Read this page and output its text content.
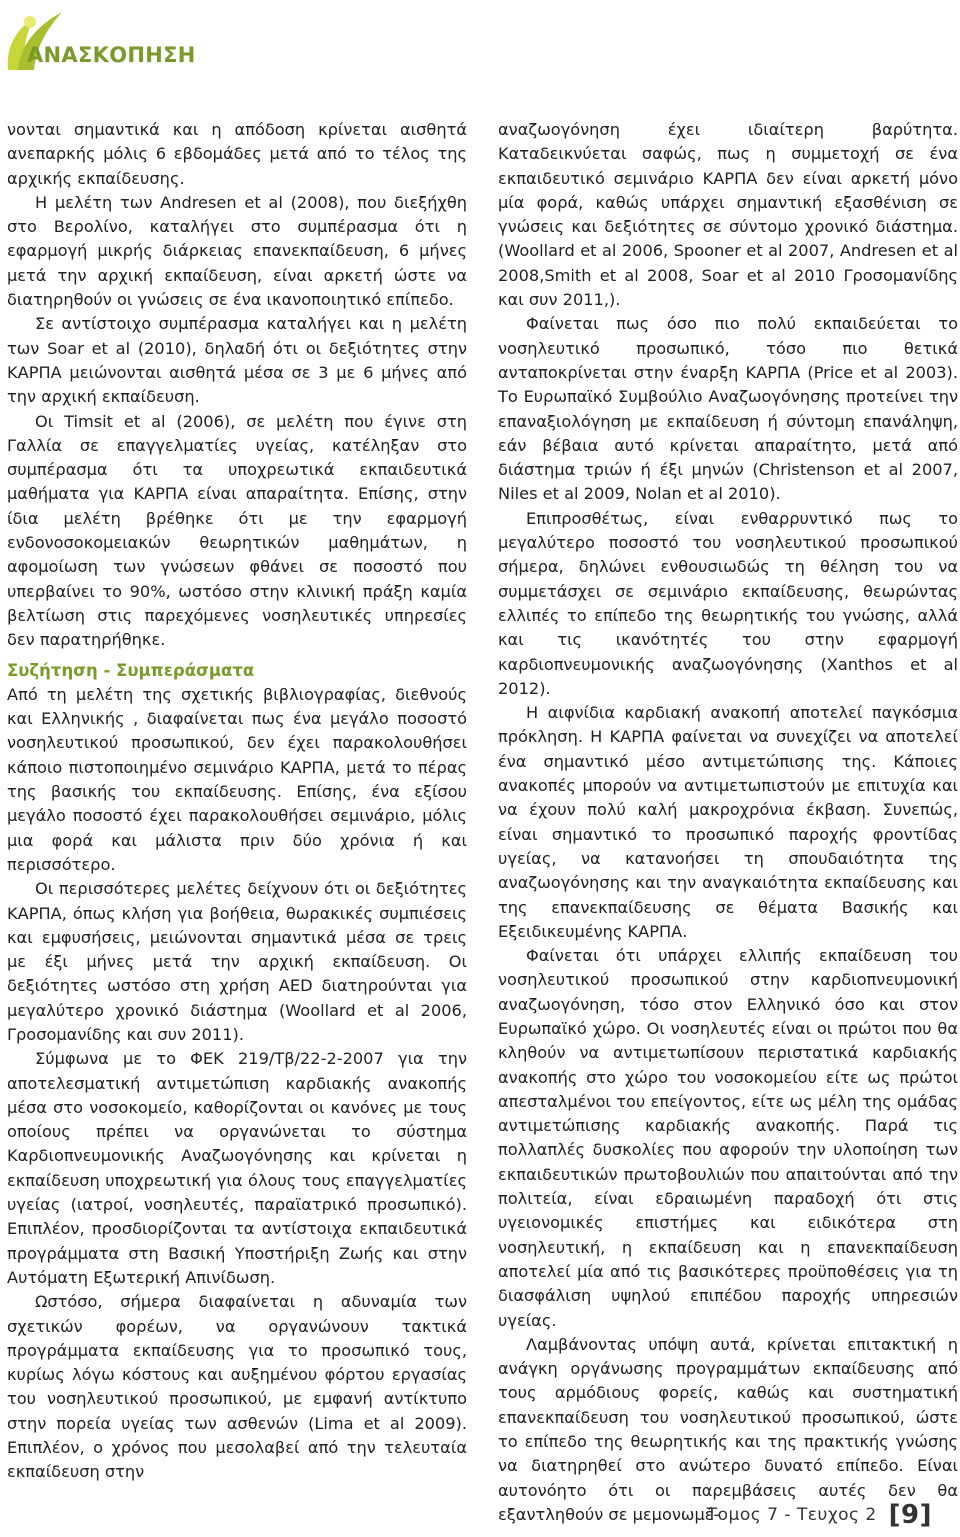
ΑΝΑΣΚΟΠΗΣΗ

νονται σημαντικά και η απόδοση κρίνεται αισθητά ανεπαρκής μόλις 6 εβδομάδες μετά από το τέλος της αρχικής εκπαίδευσης.

Η μελέτη των Andresen et al (2008), που διεξήχθη στο Βερολίνο, καταλήγει στο συμπέρασμα ότι η εφαρμογή μικρής διάρκειας επανεκπαίδευση, 6 μήνες μετά την αρχική εκπαίδευση, είναι αρκετή ώστε να διατηρηθούν οι γνώσεις σε ένα ικανοποιητικό επίπεδο.

Σε αντίστοιχο συμπέρασμα καταλήγει και η μελέτη των Soar et al (2010), δηλαδή ότι οι δεξιότητες στην ΚΑΡΠΑ μειώνονται αισθητά μέσα σε 3 με 6 μήνες από την αρχική εκπαίδευση.

Οι Timsit et al (2006), σε μελέτη που έγινε στη Γαλλία σε επαγγελματίες υγείας, κατέληξαν στο συμπέρασμα ότι τα υποχρεωτικά εκπαιδευτικά μαθήματα για ΚΑΡΠΑ είναι απαραίτητα. Επίσης, στην ίδια μελέτη βρέθηκε ότι με την εφαρμογή ενδονοσοκομειακών θεωρητικών μαθημάτων, η αφομοίωση των γνώσεων φθάνει σε ποσοστό που υπερβαίνει το 90%, ωστόσο στην κλινική πράξη καμία βελτίωση στις παρεχόμενες νοσηλευτικές υπηρεσίες δεν παρατηρήθηκε.

Συζήτηση - Συμπεράσματα

Από τη μελέτη της σχετικής βιβλιογραφίας, διεθνούς και Ελληνικής , διαφαίνεται πως ένα μεγάλο ποσοστό νοσηλευτικού προσωπικού, δεν έχει παρακολουθήσει κάποιο πιστοποιημένο σεμινάριο ΚΑΡΠΑ, μετά το πέρας της βασικής του εκπαίδευσης. Επίσης, ένα εξίσου μεγάλο ποσοστό έχει παρακολουθήσει σεμινάριο, μόλις μια φορά και μάλιστα πριν δύο χρόνια ή και περισσότερο.

Οι περισσότερες μελέτες δείχνουν ότι οι δεξιότητες ΚΑΡΠΑ, όπως κλήση για βοήθεια, θωρακικές συμπιέσεις και εμφυσήσεις, μειώνονται σημαντικά μέσα σε τρεις με έξι μήνες μετά την αρχική εκπαίδευση. Οι δεξιότητες ωστόσο στη χρήση AED διατηρούνται για μεγαλύτερο χρονικό διάστημα (Woollard et al 2006, Γροσομανίδης και συν 2011).

Σύμφωνα με το ΦΕΚ 219/Τβ/22-2-2007 για την αποτελεσματική αντιμετώπιση καρδιακής ανακοπής μέσα στο νοσοκομείο, καθορίζονται οι κανόνες με τους οποίους πρέπει να οργανώνεται το σύστημα Καρδιοπνευμονικής Αναζωογόνησης και κρίνεται η εκπαίδευση υποχρεωτική για όλους τους επαγγελματίες υγείας (ιατροί, νοσηλευτές, παραϊατρικό προσωπικό). Επιπλέον, προσδιορίζονται τα αντίστοιχα εκπαιδευτικά προγράμματα στη Βασική Υποστήριξη Ζωής και στην Αυτόματη Εξωτερική Απινίδωση.

Ωστόσο, σήμερα διαφαίνεται η αδυναμία των σχετικών φορέων, να οργανώνουν τακτικά προγράμματα εκπαίδευσης για το προσωπικό τους, κυρίως λόγω κόστους και αυξημένου φόρτου εργασίας του νοσηλευτικού προσωπικού, με εμφανή αντίκτυπο στην πορεία υγείας των ασθενών (Lima et al 2009). Επιπλέον, ο χρόνος που μεσολαβεί από την τελευταία εκπαίδευση στην

αναζωογόνηση έχει ιδιαίτερη βαρύτητα. Καταδεικνύεται σαφώς, πως η συμμετοχή σε ένα εκπαιδευτικό σεμινάριο ΚΑΡΠΑ δεν είναι αρκετή μόνο μία φορά, καθώς υπάρχει σημαντική εξασθένιση σε γνώσεις και δεξιότητες σε σύντομο χρονικό διάστημα. (Woollard et al 2006, Spooner et al 2007, Andresen et al 2008,Smith et al 2008, Soar et al 2010 Γροσομανίδης και συν 2011,).

Φαίνεται πως όσο πιο πολύ εκπαιδεύεται το νοσηλευτικό προσωπικό, τόσο πιο θετικά ανταποκρίνεται στην έναρξη ΚΑΡΠΑ (Price et al 2003). Το Ευρωπαϊκό Συμβούλιο Αναζωογόνησης προτείνει την επαναξιολόγηση με εκπαίδευση ή σύντομη επανάληψη, εάν βέβαια αυτό κρίνεται απαραίτητο, μετά από διάστημα τριών ή έξι μηνών (Christenson et al 2007, Niles et al 2009, Nolan et al 2010).

Επιπροσθέτως, είναι ενθαρρυντικό πως το μεγαλύτερο ποσοστό του νοσηλευτικού προσωπικού σήμερα, δηλώνει ενθουσιωδώς τη θέληση του να συμμετάσχει σε σεμινάριο εκπαίδευσης, θεωρώντας ελλιπές το επίπεδο της θεωρητικής του γνώσης, αλλά και τις ικανότητές του στην εφαρμογή καρδιοπνευμονικής αναζωογόνησης (Xanthos et al 2012).

Η αιφνίδια καρδιακή ανακοπή αποτελεί παγκόσμια πρόκληση. Η ΚΑΡΠΑ φαίνεται να συνεχίζει να αποτελεί ένα σημαντικό μέσο αντιμετώπισης της. Κάποιες ανακοπές μπορούν να αντιμετωπιστούν με επιτυχία και να έχουν πολύ καλή μακροχρόνια έκβαση. Συνεπώς, είναι σημαντικό το προσωπικό παροχής φροντίδας υγείας, να κατανοήσει τη σπουδαιότητα της αναζωογόνησης και την αναγκαιότητα εκπαίδευσης και της επανεκπαίδευσης σε θέματα Βασικής και Εξειδικευμένης ΚΑΡΠΑ.

Φαίνεται ότι υπάρχει ελλιπής εκπαίδευση του νοσηλευτικού προσωπικού στην καρδιοπνευμονική αναζωογόνηση, τόσο στον Ελληνικό όσο και στον Ευρωπαϊκό χώρο. Οι νοσηλευτές είναι οι πρώτοι που θα κληθούν να αντιμετωπίσουν περιστατικά καρδιακής ανακοπής στο χώρο του νοσοκομείου είτε ως πρώτοι απεσταλμένοι του επείγοντος, είτε ως μέλη της ομάδας αντιμετώπισης καρδιακής ανακοπής. Παρά τις πολλαπλές δυσκολίες που αφορούν την υλοποίηση των εκπαιδευτικών πρωτοβουλιών που απαιτούνται από την πολιτεία, είναι εδραιωμένη παραδοχή ότι στις υγειονομικές επιστήμες και ειδικότερα στη νοσηλευτική, η εκπαίδευση και η επανεκπαίδευση αποτελεί μία από τις βασικότερες προϋποθέσεις για τη διασφάλιση υψηλού επιπέδου παροχής υπηρεσιών υγείας.

Λαμβάνοντας υπόψη αυτά, κρίνεται επιτακτική η ανάγκη οργάνωσης προγραμμάτων εκπαίδευσης από τους αρμόδιους φορείς, καθώς και συστηματική επανεκπαίδευση του νοσηλευτικού προσωπικού, ώστε το επίπεδο της θεωρητικής και της πρακτικής γνώσης να διατηρηθεί στο ανώτερο δυνατό επίπεδο. Είναι αυτονόητο ότι οι παρεμβάσεις αυτές δεν θα εξαντληθούν σε μεμονωμέ-

Τομος 7 - Τευχος 2 [9]
